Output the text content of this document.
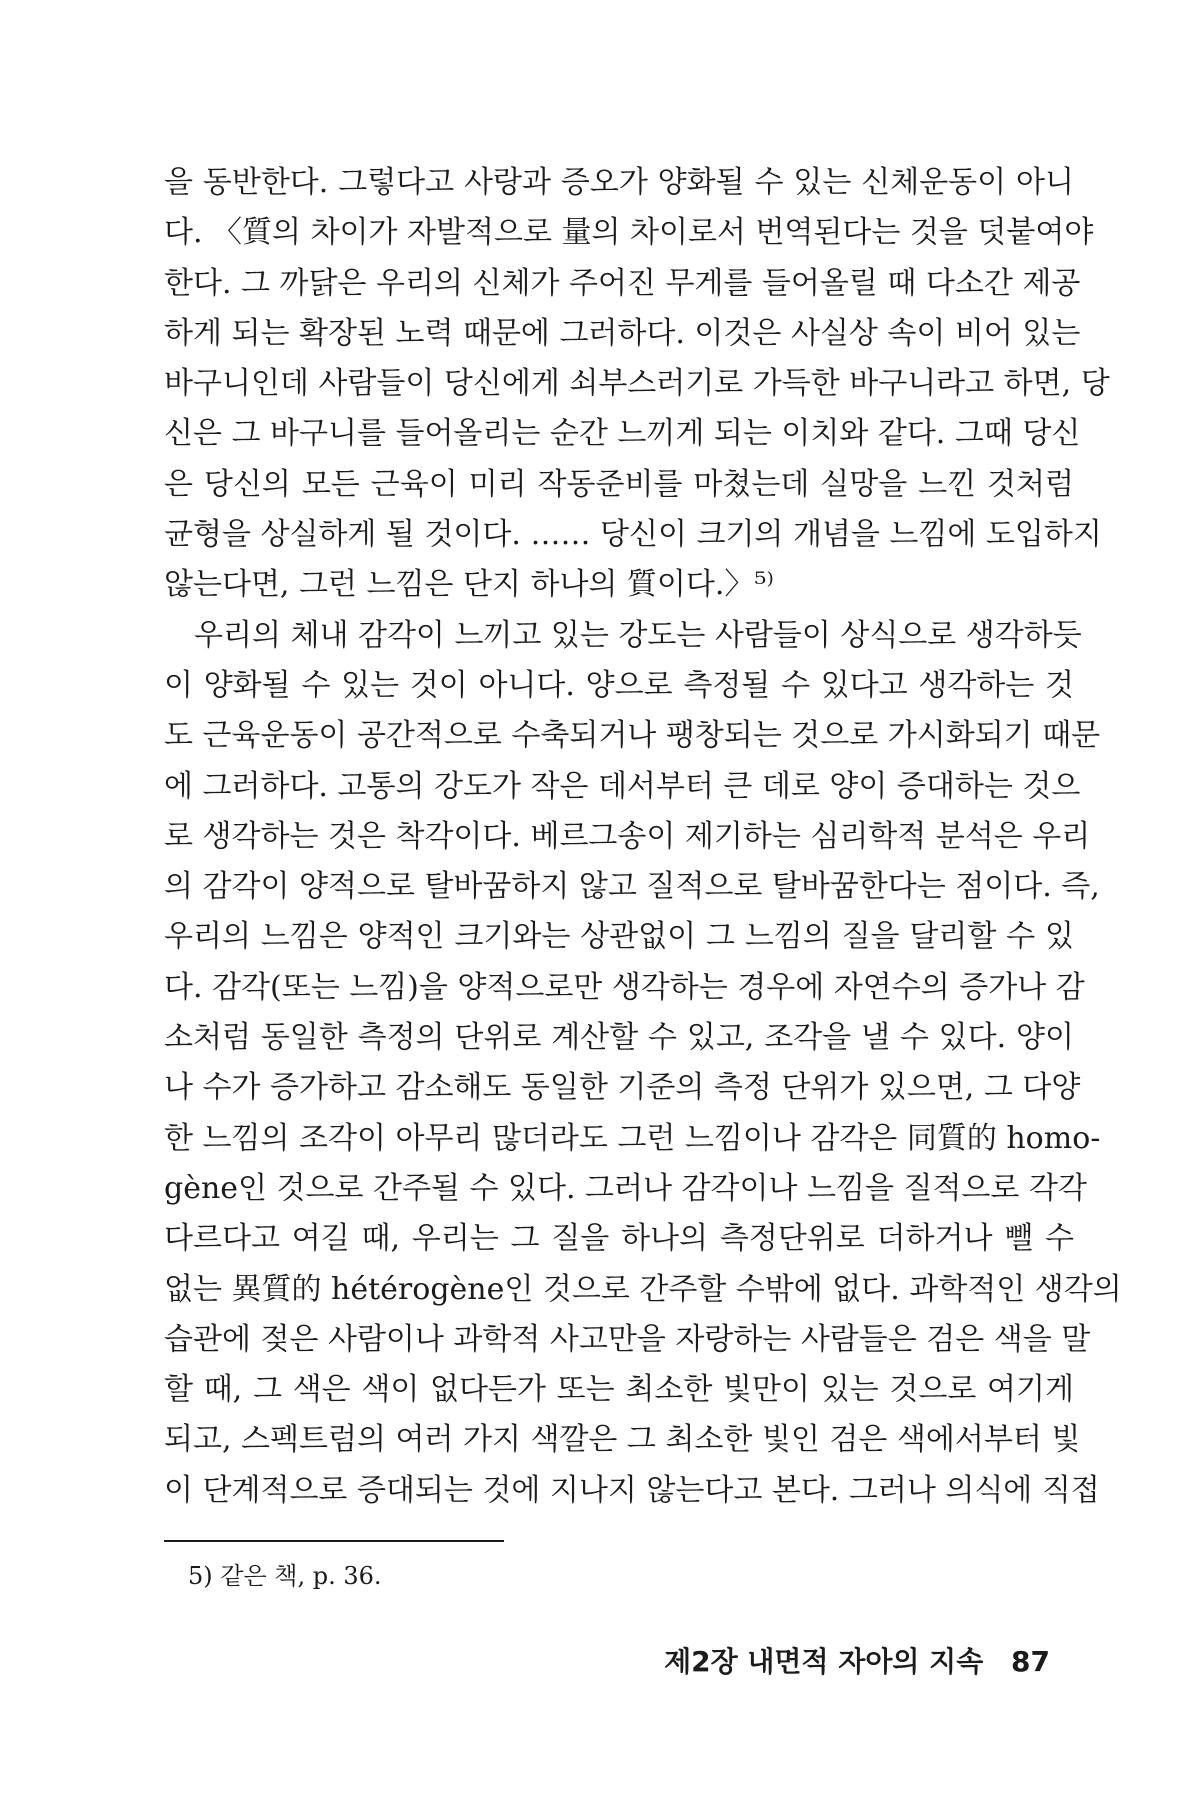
을 동반한다. 그렇다고 사랑과 증오가 양화될 수 있는 신체운동이 아니
다. 〈質의 차이가 자발적으로 量의 차이로서 번역된다는 것을 덧붙여야
한다. 그 까닭은 우리의 신체가 주어진 무게를 들어올릴 때 다소간 제공
하게 되는 확장된 노력 때문에 그러하다. 이것은 사실상 속이 비어 있는
바구니인데 사람들이 당신에게 쇠부스러기로 가득한 바구니라고 하면, 당
신은 그 바구니를 들어올리는 순간 느끼게 되는 이치와 같다. 그때 당신
은 당신의 모든 근육이 미리 작동준비를 마쳤는데 실망을 느낀 것처럼
균형을 상실하게 될 것이다. …… 당신이 크기의 개념을 느낌에 도입하지
않는다면, 그런 느낌은 단지 하나의 質이다.〉⁵⁾
우리의 체내 감각이 느끼고 있는 강도는 사람들이 상식으로 생각하듯
이 양화될 수 있는 것이 아니다. 양으로 측정될 수 있다고 생각하는 것
도 근육운동이 공간적으로 수축되거나 팽창되는 것으로 가시화되기 때문
에 그러하다. 고통의 강도가 작은 데서부터 큰 데로 양이 증대하는 것으
로 생각하는 것은 착각이다. 베르그송이 제기하는 심리학적 분석은 우리
의 감각이 양적으로 탈바꿈하지 않고 질적으로 탈바꿈한다는 점이다. 즉,
우리의 느낌은 양적인 크기와는 상관없이 그 느낌의 질을 달리할 수 있
다. 감각(또는 느낌)을 양적으로만 생각하는 경우에 자연수의 증가나 감
소처럼 동일한 측정의 단위로 계산할 수 있고, 조각을 낼 수 있다. 양이
나 수가 증가하고 감소해도 동일한 기준의 측정 단위가 있으면, 그 다양
한 느낌의 조각이 아무리 많더라도 그런 느낌이나 감각은 同質的 homo-
gène인 것으로 간주될 수 있다. 그러나 감각이나 느낌을 질적으로 각각
다르다고 여길 때, 우리는 그 질을 하나의 측정단위로 더하거나 뺄 수
없는 異質的 hétérogène인 것으로 간주할 수밖에 없다. 과학적인 생각의
습관에 젖은 사람이나 과학적 사고만을 자랑하는 사람들은 검은 색을 말
할 때, 그 색은 색이 없다든가 또는 최소한 빛만이 있는 것으로 여기게
되고, 스펙트럼의 여러 가지 색깔은 그 최소한 빛인 검은 색에서부터 빛
이 단계적으로 증대되는 것에 지나지 않는다고 본다. 그러나 의식에 직접
5) 같은 책, p. 36.
제2장 내면적 자아의 지속 87
